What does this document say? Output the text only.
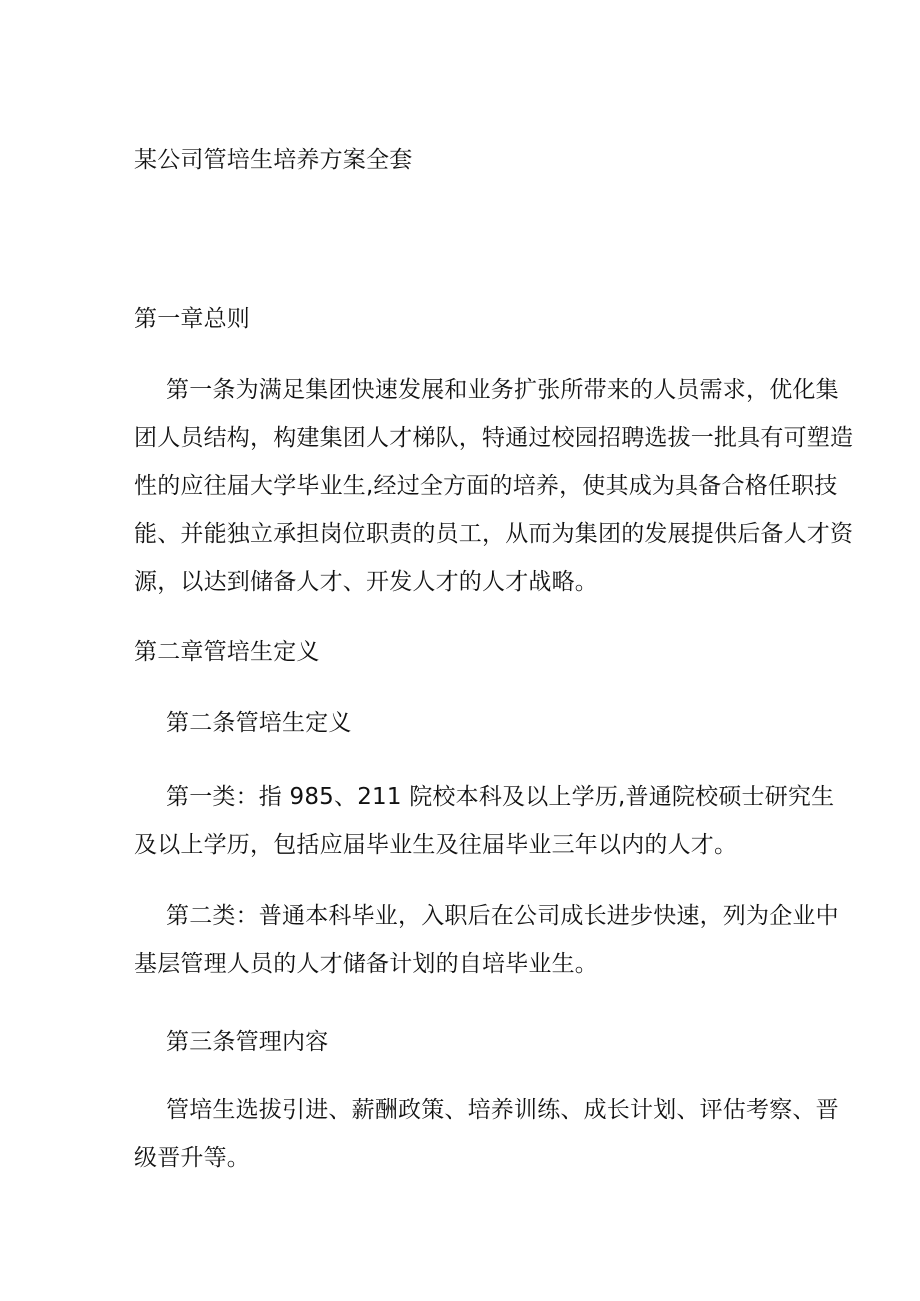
某公司管培生培养方案全套
第一章总则
第一条为满足集团快速发展和业务扩张所带来的人员需求，优化集
团人员结构，构建集团人才梯队，特通过校园招聘选拔一批具有可塑造
性的应往届大学毕业生,经过全方面的培养，使其成为具备合格任职技
能、并能独立承担岗位职责的员工，从而为集团的发展提供后备人才资
源，以达到储备人才、开发人才的人才战略。
第二章管培生定义
第二条管培生定义
第一类：指 985、211 院校本科及以上学历,普通院校硕士研究生
及以上学历，包括应届毕业生及往届毕业三年以内的人才。
第二类：普通本科毕业，入职后在公司成长进步快速，列为企业中
基层管理人员的人才储备计划的自培毕业生。
第三条管理内容
管培生选拔引进、薪酬政策、培养训练、成长计划、评估考察、晋
级晋升等。
